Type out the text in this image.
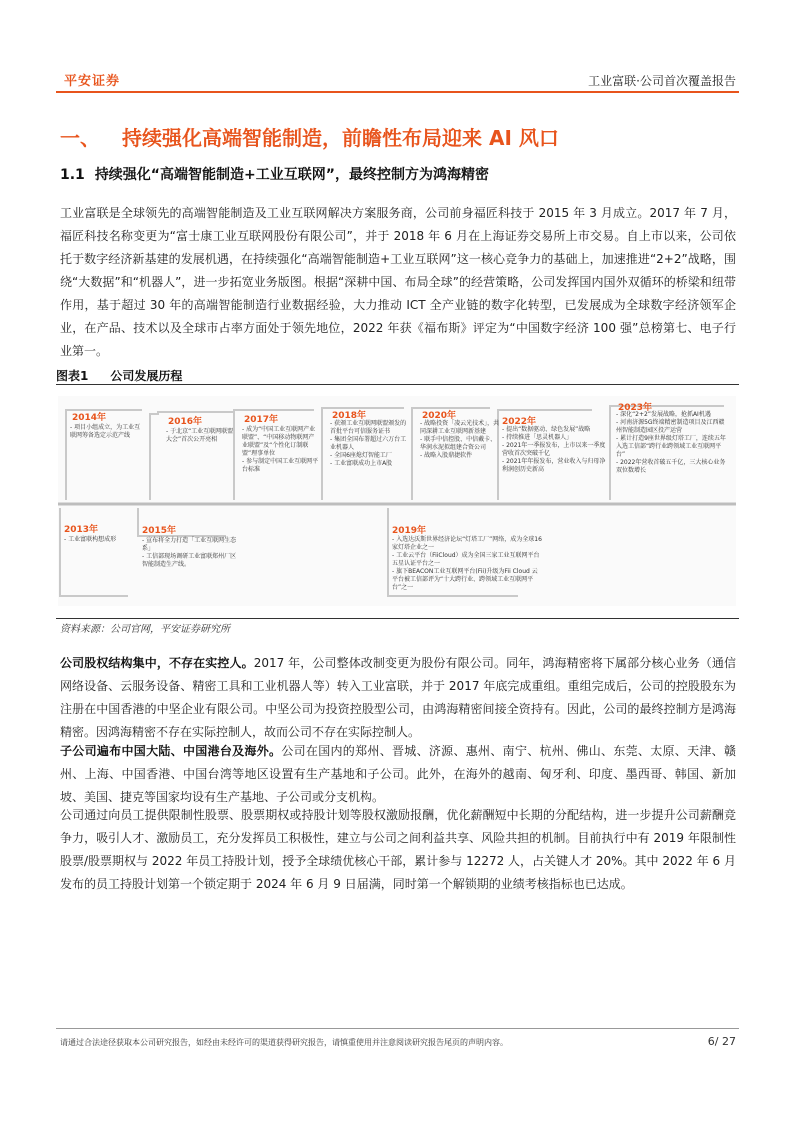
平安证券	工业富联·公司首次覆盖报告
一、 持续强化高端智能制造，前瞻性布局迎来 AI 风口
1.1 持续强化“高端智能制造+工业互联网”，最终控制方为鸿海精密

工业富联是全球领先的高端智能制造及工业互联网解决方案服务商，公司前身福匠科技于 2015 年 3 月成立。2017 年 7 月，福匠科技名称变更为“富士康工业互联网股份有限公司”，并于 2018 年 6 月在上海证券交易所上市交易。自上市以来，公司依托于数字经济新基建的发展机遇，在持续强化“高端智能制造+工业互联网”这一核心竞争力的基础上，加速推进“2+2”战略，围绕“大数据”和“机器人”，进一步拓宽业务版图。根据“深耕中国、布局全球”的经营策略，公司发挥国内国外双循环的桥梁和纽带作用，基于超过 30 年的高端智能制造行业数据经验，大力推动 ICT 全产业链的数字化转型，已发展成为全球数字经济领军企业，在产品、技术以及全球市占率方面处于领先地位，2022 年获《福布斯》评定为“中国数字经济 100 强”总榜第七、电子行业第一。

图表1 公司发展历程
2014年
- 项目小组成立，为工业互联网筹备选定示范产线
2016年
- 于北京“工业互联网联盟大会”首次公开亮相
2017年
- 成为“中国工业互联网产业联盟”、“中国移动物联网产业联盟”及“个性化订制联盟”理事单位
- 参与制定中国工业互联网平台标准
2018年
- 获颁工业互联网联盟颁发的首批平台可信服务证书
- 集团全国布署超过六万台工业机器人
- 全国6座熄灯智能工厂
- 工业富联成功上市A股
2020年
- 战略投资「凌云光技术」，共同深耕工业互联网新基建
- 联手中信控股、中信戴卡、华润水泥拟组建合资公司
- 战略入股鼎捷软件
2022年
- 提出“数据驱动、绿色发展”战略
- 持续推进「思灵机器人」
- 2021年一季报发布，上市以来一季度营收首次突破千亿
- 2021年年报发布，营业收入与归母净利润创历史新高
2023年
- 深化“2+2”发展战略，抢抓AI机遇
- 河南济源5G终端精密制造项目及江西赣州智能制造园区投产运营
- 累计打造9座世界级灯塔工厂，连续五年入选工信部“跨行业跨领域工业互联网平台”
- 2022年营收首破五千亿，三大核心业务双位数增长
2013年
- 工业富联构想成形
2015年
- 宣布将全力打造「工业互联网生态系」
- 工信部现场调研工业富联郑州厂区智能制造生产线。
2019年
- 入选达沃斯世界经济论坛“灯塔工厂”网络，成为全球16家灯塔企业之一
- 工业云平台（FiiCloud）成为全国三家工业互联网平台五星认证平台之一
- 旗下BEACON工业互联网平台(Fii)升级为Fii Cloud 云平台被工信部评为“十大跨行业、跨领域工业互联网平台”之一
资料来源：公司官网，平安证券研究所

公司股权结构集中，不存在实控人。2017 年，公司整体改制变更为股份有限公司。同年，鸿海精密将下属部分核心业务（通信网络设备、云服务设备、精密工具和工业机器人等）转入工业富联，并于 2017 年底完成重组。重组完成后，公司的控股股东为注册在中国香港的中坚企业有限公司。中坚公司为投资控股型公司，由鸿海精密间接全资持有。因此，公司的最终控制方是鸿海精密。因鸿海精密不存在实际控制人，故而公司不存在实际控制人。

子公司遍布中国大陆、中国港台及海外。公司在国内的郑州、晋城、济源、惠州、南宁、杭州、佛山、东莞、太原、天津、赣州、上海、中国香港、中国台湾等地区设置有生产基地和子公司。此外，在海外的越南、匈牙利、印度、墨西哥、韩国、新加坡、美国、捷克等国家均设有生产基地、子公司或分支机构。

公司通过向员工提供限制性股票、股票期权或持股计划等股权激励报酬，优化薪酬短中长期的分配结构，进一步提升公司薪酬竞争力，吸引人才、激励员工，充分发挥员工积极性，建立与公司之间利益共享、风险共担的机制。目前执行中有 2019 年限制性股票/股票期权与 2022 年员工持股计划，授予全球绩优核心干部，累计参与 12272 人，占关键人才 20%。其中 2022 年 6 月发布的员工持股计划第一个锁定期于 2024 年 6 月 9 日届满，同时第一个解锁期的业绩考核指标也已达成。

请通过合法途径获取本公司研究报告，如经由未经许可的渠道获得研究报告，请慎重使用并注意阅读研究报告尾页的声明内容。	6/ 27
